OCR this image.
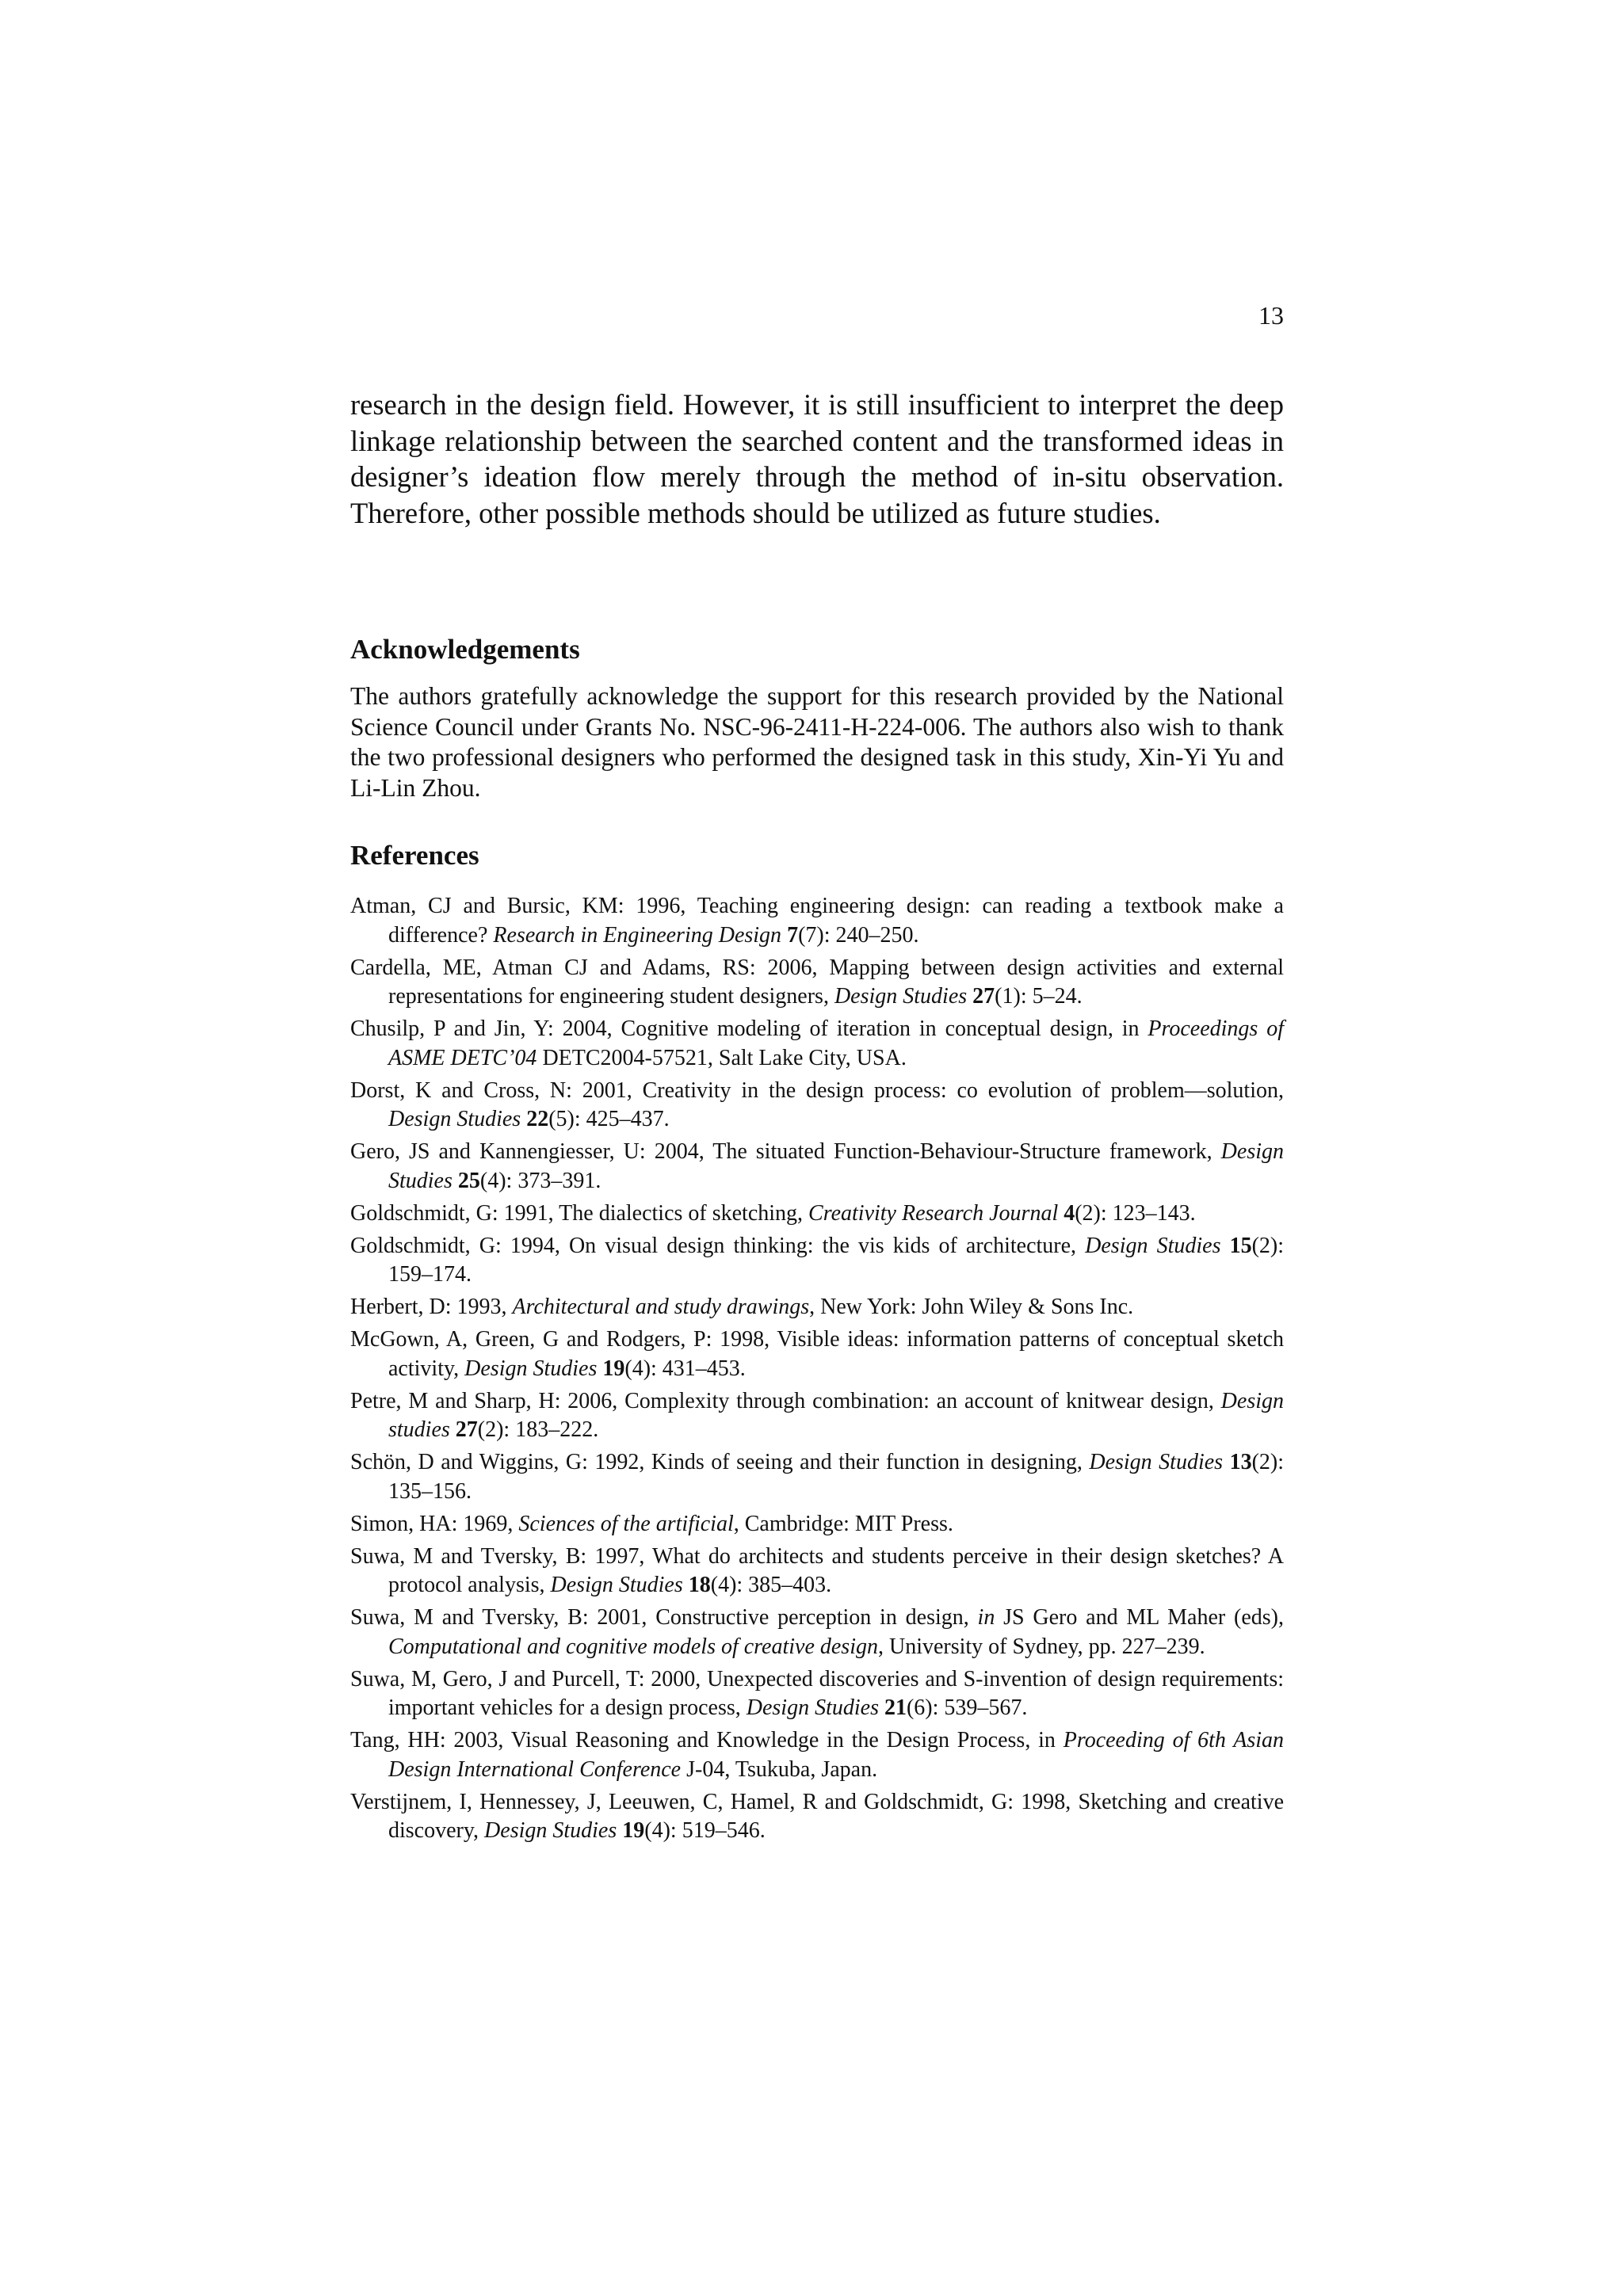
13

research in the design field. However, it is still insufficient to interpret the deep linkage relationship between the searched content and the transformed ideas in designer’s ideation flow merely through the method of in-situ observation. Therefore, other possible methods should be utilized as future studies.

Acknowledgements

The authors gratefully acknowledge the support for this research provided by the National Science Council under Grants No. NSC-96-2411-H-224-006. The authors also wish to thank the two professional designers who performed the designed task in this study, Xin-Yi Yu and Li-Lin Zhou.

References
Atman, CJ and Bursic, KM: 1996, Teaching engineering design: can reading a textbook make a difference? Research in Engineering Design 7(7): 240–250.
Cardella, ME, Atman CJ and Adams, RS: 2006, Mapping between design activities and external representations for engineering student designers, Design Studies 27(1): 5–24.
Chusilp, P and Jin, Y: 2004, Cognitive modeling of iteration in conceptual design, in Proceedings of ASME DETC’04 DETC2004-57521, Salt Lake City, USA.
Dorst, K and Cross, N: 2001, Creativity in the design process: co evolution of problem—solution, Design Studies 22(5): 425–437.
Gero, JS and Kannengiesser, U: 2004, The situated Function-Behaviour-Structure framework, Design Studies 25(4): 373–391.
Goldschmidt, G: 1991, The dialectics of sketching, Creativity Research Journal 4(2): 123–143.
Goldschmidt, G: 1994, On visual design thinking: the vis kids of architecture, Design Studies 15(2): 159–174.
Herbert, D: 1993, Architectural and study drawings, New York: John Wiley & Sons Inc.
McGown, A, Green, G and Rodgers, P: 1998, Visible ideas: information patterns of conceptual sketch activity, Design Studies 19(4): 431–453.
Petre, M and Sharp, H: 2006, Complexity through combination: an account of knitwear design, Design studies 27(2): 183–222.
Schön, D and Wiggins, G: 1992, Kinds of seeing and their function in designing, Design Studies 13(2): 135–156.
Simon, HA: 1969, Sciences of the artificial, Cambridge: MIT Press.
Suwa, M and Tversky, B: 1997, What do architects and students perceive in their design sketches? A protocol analysis, Design Studies 18(4): 385–403.
Suwa, M and Tversky, B: 2001, Constructive perception in design, in JS Gero and ML Maher (eds), Computational and cognitive models of creative design, University of Sydney, pp. 227–239.
Suwa, M, Gero, J and Purcell, T: 2000, Unexpected discoveries and S-invention of design requirements: important vehicles for a design process, Design Studies 21(6): 539–567.
Tang, HH: 2003, Visual Reasoning and Knowledge in the Design Process, in Proceeding of 6th Asian Design International Conference J-04, Tsukuba, Japan.
Verstijnem, I, Hennessey, J, Leeuwen, C, Hamel, R and Goldschmidt, G: 1998, Sketching and creative discovery, Design Studies 19(4): 519–546.
